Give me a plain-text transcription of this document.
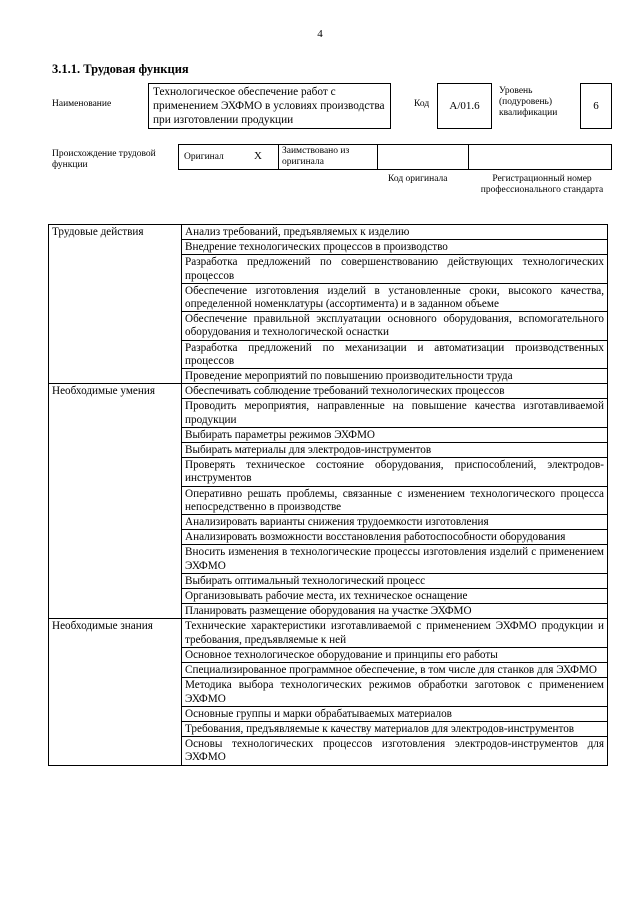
4
3.1.1. Трудовая функция
Наименование
Технологическое обеспечение работ с применением ЭХФМО в условиях производства при изготовлении продукции
Код	A/01.6
Уровень (подуровень) квалификации
6
Происхождение трудовой функции
Оригинал	X Заимствовано из оригинала
Код оригинала	Регистрационный номер профессионального стандарта
Трудовые действия	Анализ требований, предъявляемых к изделию
	Внедрение технологических процессов в производство
	Разработка предложений по совершенствованию действующих технологических процессов
	Обеспечение изготовления изделий в установленные сроки, высокого качества, определенной номенклатуры (ассортимента) и в заданном объеме
	Обеспечение правильной эксплуатации основного оборудования, вспомогательного оборудования и технологической оснастки
	Разработка предложений по механизации и автоматизации производственных процессов
	Проведение мероприятий по повышению производительности труда
Необходимые умения	Обеспечивать соблюдение требований технологических процессов
	Проводить мероприятия, направленные на повышение качества изготавливаемой продукции
	Выбирать параметры режимов ЭХФМО
	Выбирать материалы для электродов-инструментов
	Проверять техническое состояние оборудования, приспособлений, электродов-инструментов
	Оперативно решать проблемы, связанные с изменением технологического процесса непосредственно в производстве
	Анализировать варианты снижения трудоемкости изготовления
	Анализировать возможности восстановления работоспособности оборудования
	Вносить изменения в технологические процессы изготовления изделий с применением ЭХФМО
	Выбирать оптимальный технологический процесс
	Организовывать рабочие места, их техническое оснащение
	Планировать размещение оборудования на участке ЭХФМО
Необходимые знания	Технические характеристики изготавливаемой с применением ЭХФМО продукции и требования, предъявляемые к ней
	Основное технологическое оборудование и принципы его работы
	Специализированное программное обеспечение, в том числе для станков для ЭХФМО
	Методика выбора технологических режимов обработки заготовок с применением ЭХФМО
	Основные группы и марки обрабатываемых материалов
	Требования, предъявляемые к качеству материалов для электродов-инструментов
	Основы технологических процессов изготовления электродов-инструментов для ЭХФМО
